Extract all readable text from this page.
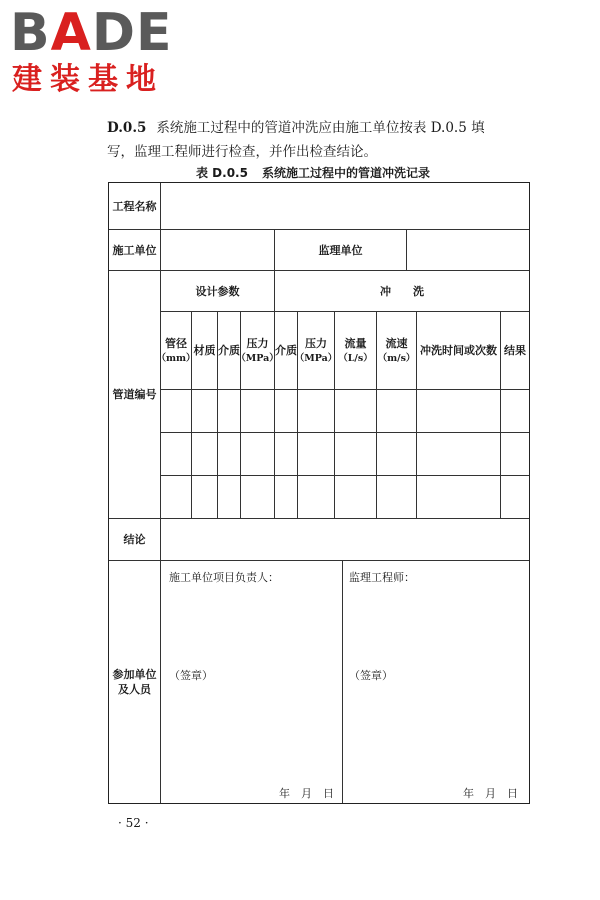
BADE
建装基地
D.0.5 系统施工过程中的管道冲洗应由施工单位按表 D.0.5 填
写，监理工程师进行检查，并作出检查结论。
表 D.0.5 系统施工过程中的管道冲洗记录
工程名称
施工单位	监理单位
管道编号
设计参数	冲　　洗
管径
（mm）
材质 介质
压力
（MPa）
介质
压力
（MPa）
流量
（L/s）
流速
（m/s）
冲洗时间或次数 结果
结论
参加单位
及人员
施工单位项目负责人：
（签章）
年　月　日
监理工程师：
（签章）
年　月　日
· 52 ·
